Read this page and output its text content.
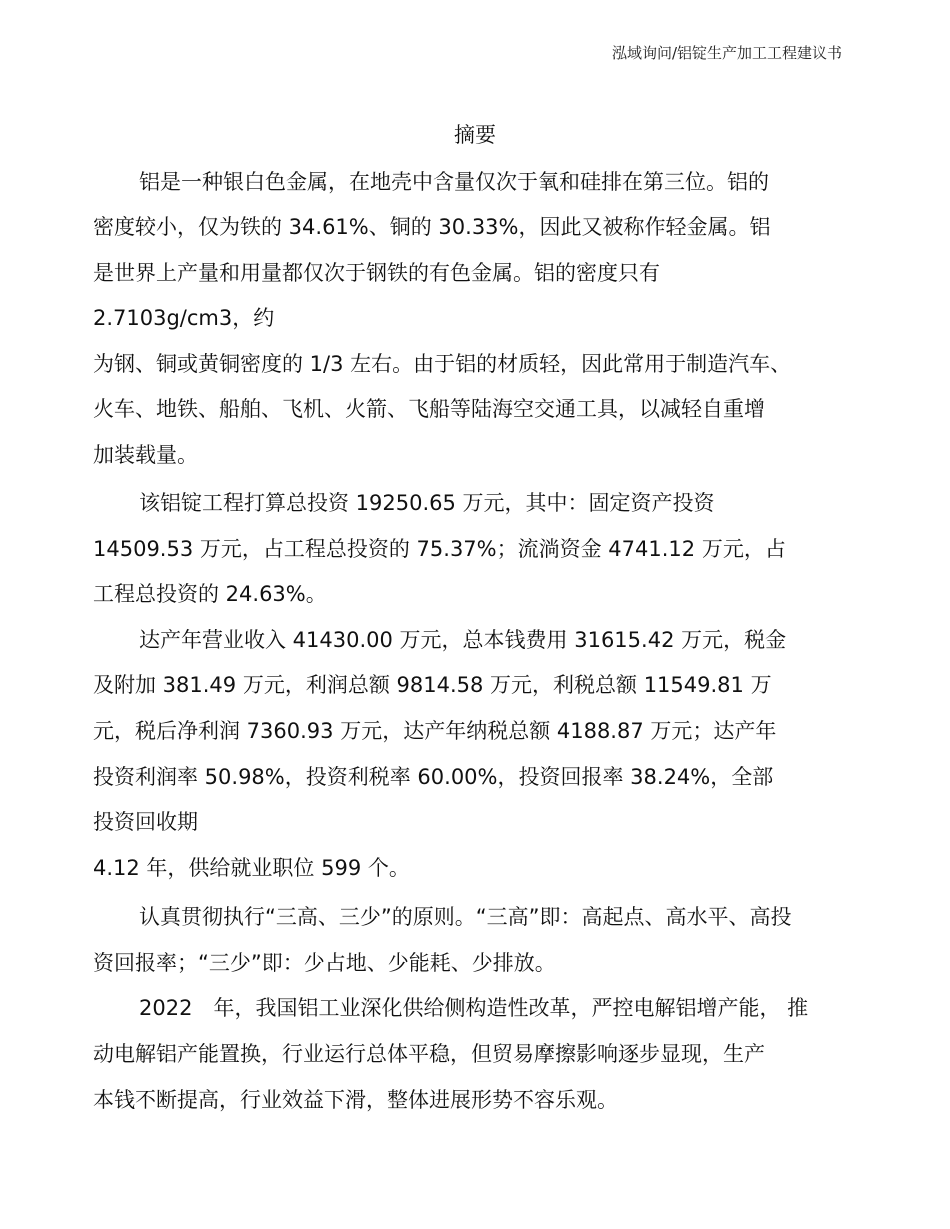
泓域询问/铝锭生产加工工程建议书
摘要
铝是一种银白色金属，在地壳中含量仅次于氧和硅排在第三位。铝的
密度较小，仅为铁的 34.61%、铜的 30.33%，因此又被称作轻金属。铝
是世界上产量和用量都仅次于钢铁的有色金属。铝的密度只有
2.7103g/cm3，约
为钢、铜或黄铜密度的 1/3 左右。由于铝的材质轻，因此常用于制造汽车、
火车、地铁、船舶、飞机、火箭、飞船等陆海空交通工具，以减轻自重增
加装载量。
该铝锭工程打算总投资 19250.65 万元，其中：固定资产投资
14509.53 万元，占工程总投资的 75.37%；流淌资金 4741.12 万元，占
工程总投资的 24.63%。
达产年营业收入 41430.00 万元，总本钱费用 31615.42 万元，税金
及附加 381.49 万元，利润总额 9814.58 万元，利税总额 11549.81 万
元，税后净利润 7360.93 万元，达产年纳税总额 4188.87 万元；达产年
投资利润率 50.98%，投资利税率 60.00%，投资回报率 38.24%，全部
投资回收期
4.12 年，供给就业职位 599 个。
认真贯彻执行“三高、三少”的原则。“三高”即：高起点、高水平、高投
资回报率；“三少”即：少占地、少能耗、少排放。
2022　年，我国铝工业深化供给侧构造性改革，严控电解铝增产能， 推
动电解铝产能置换，行业运行总体平稳，但贸易摩擦影响逐步显现，生产
本钱不断提高，行业效益下滑，整体进展形势不容乐观。
